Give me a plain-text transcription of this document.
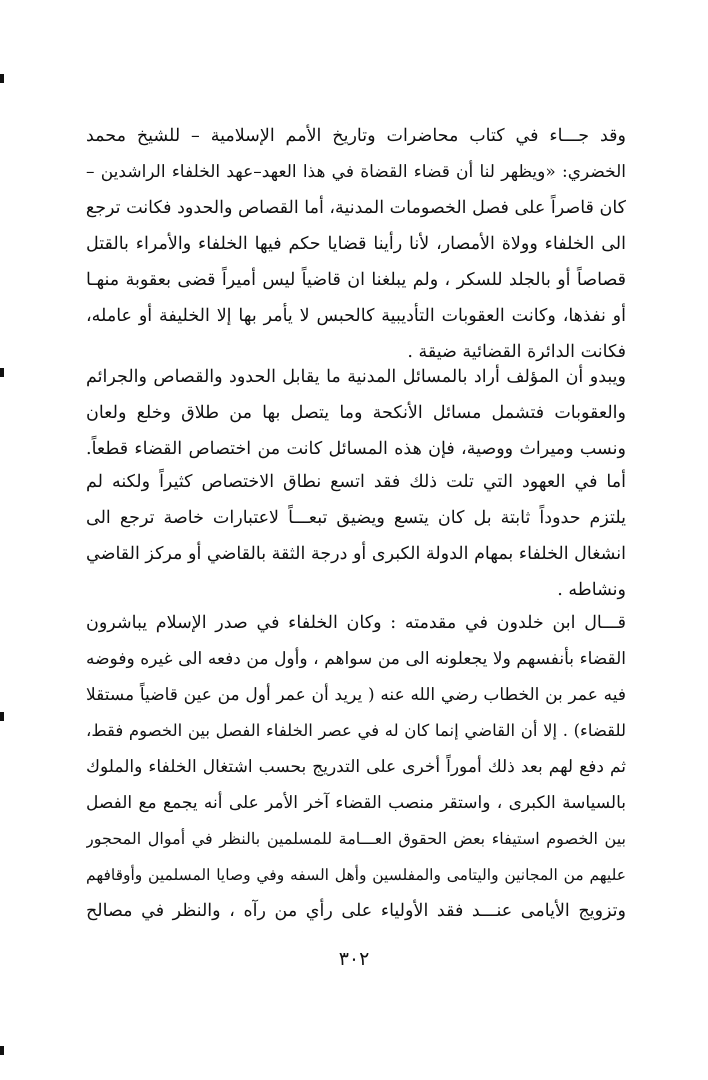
وقد جـــاء في كتاب محاضرات وتاريخ الأمم الإسلامية – للشيخ محمد
الخضري: «ويظهر لنا أن قضاء القضاة في هذا العهد–عهد الخلفاء الراشدين –
كان قاصراً على فصل الخصومات المدنية، أما القصاص والحدود فكانت ترجع
الى الخلفاء وولاة الأمصار، لأنا رأينا قضايا حكم فيها الخلفاء والأمراء بالقتل
قصاصاً أو بالجلد للسكر ، ولم يبلغنا ان قاضياً ليس أميراً قضى بعقوبة منهـا
أو نفذها، وكانت العقوبات التأديبية كالحبس لا يأمر بها إلا الخليفة أو عامله،
فكانت الدائرة القضائية ضيقة .
ويبدو أن المؤلف أراد بالمسائل المدنية ما يقابل الحدود والقصاص والجرائم
والعقوبات فتشمل مسائل الأنكحة وما يتصل بها من طلاق وخلع ولعان
ونسب وميراث ووصية، فإن هذه المسائل كانت من اختصاص القضاء قطعاً.
أما في العهود التي تلت ذلك فقد اتسع نطاق الاختصاص كثيراً ولكنه لم
يلتزم حدوداً ثابتة بل كان يتسع ويضيق تبعـــاً لاعتبارات خاصة ترجع الى
انشغال الخلفاء بمهام الدولة الكبرى أو درجة الثقة بالقاضي أو مركز القاضي
ونشاطه .
قـــال ابن خلدون في مقدمته : وكان الخلفاء في صدر الإسلام يباشرون
القضاء بأنفسهم ولا يجعلونه الى من سواهم ، وأول من دفعه الى غيره وفوضه
فيه عمر بن الخطاب رضي الله عنه ( يريد أن عمر أول من عين قاضياً مستقلا
للقضاء) . إلا أن القاضي إنما كان له في عصر الخلفاء الفصل بين الخصوم فقط،
ثم دفع لهم بعد ذلك أموراً أخرى على التدريج بحسب اشتغال الخلفاء والملوك
بالسياسة الكبرى ، واستقر منصب القضاء آخر الأمر على أنه يجمع مع الفصل
بين الخصوم استيفاء بعض الحقوق العـــامة للمسلمين بالنظر في أموال المحجور
عليهم من المجانين واليتامى والمفلسين وأهل السفه وفي وصايا المسلمين وأوقافهم
وتزويج الأيامى عنـــد فقد الأولياء على رأي من رآه ، والنظر في مصالح
٣٠٢
